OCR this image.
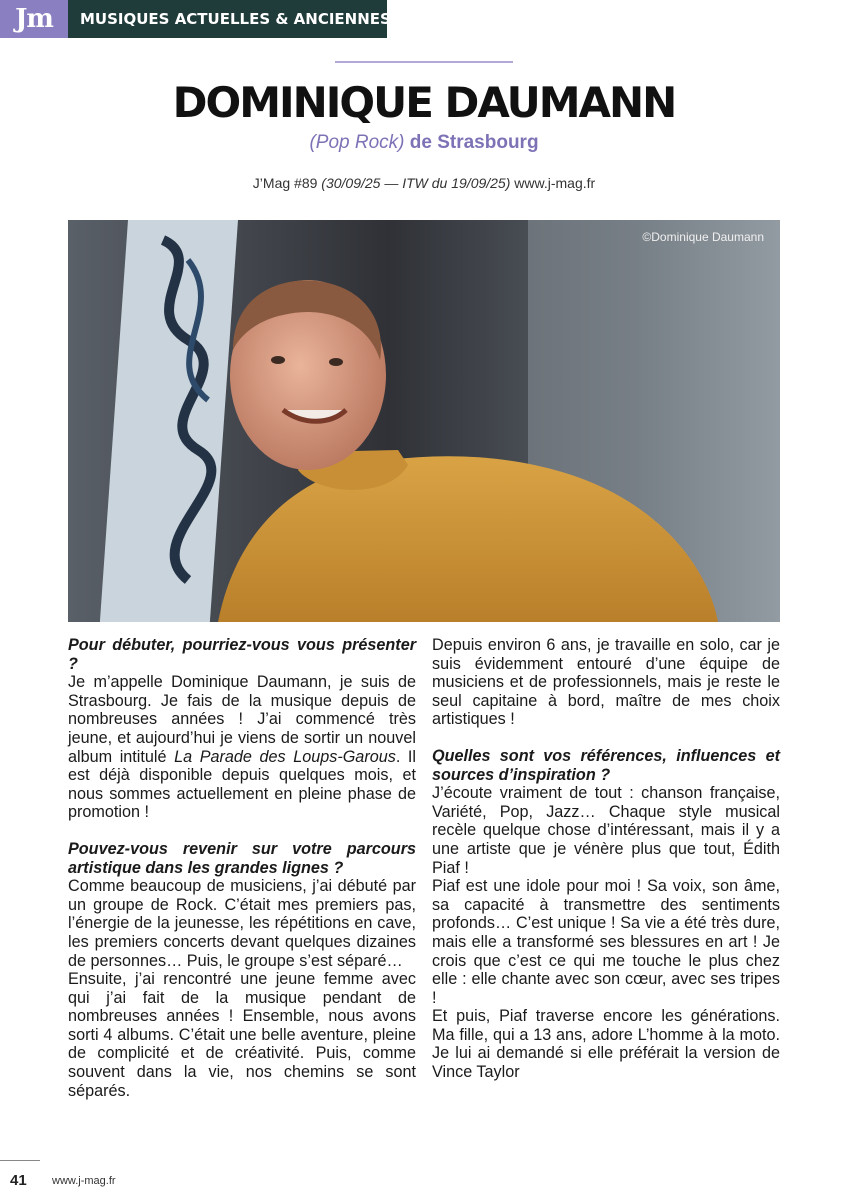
Jm	MUSIQUES ACTUELLES & ANCIENNES
DOMINIQUE DAUMANN
(Pop Rock) de Strasbourg
J’Mag #89 (30/09/25 — ITW du 19/09/25) www.j-mag.fr
©Dominique Daumann

Pour débuter, pourriez-vous vous présenter ?

Je m’appelle Dominique Daumann, je suis de Strasbourg. Je fais de la musique depuis de nombreuses années ! J’ai commencé très jeune, et aujourd’hui je viens de sortir un nouvel album intitulé La Parade des Loups-Garous. Il est déjà disponible depuis quelques mois, et nous sommes actuellement en pleine phase de promotion !

Pouvez-vous revenir sur votre parcours artistique dans les grandes lignes ?

Comme beaucoup de musiciens, j’ai débuté par un groupe de Rock. C’était mes premiers pas, l’énergie de la jeunesse, les répétitions en cave, les premiers concerts devant quelques dizaines de personnes… Puis, le groupe s’est séparé…

Ensuite, j’ai rencontré une jeune femme avec qui j’ai fait de la musique pendant de nombreuses années ! Ensemble, nous avons sorti 4 albums. C’était une belle aventure, pleine de complicité et de créativité. Puis, comme souvent dans la vie, nos chemins se sont séparés.

Depuis environ 6 ans, je travaille en solo, car je suis évidemment entouré d’une équipe de musiciens et de professionnels, mais je reste le seul capitaine à bord, maître de mes choix artistiques !

Quelles sont vos références, influences et sources d’inspiration ?

J’écoute vraiment de tout : chanson française, Variété, Pop, Jazz… Chaque style musical recèle quelque chose d’intéressant, mais il y a une artiste que je vénère plus que tout, Édith Piaf !

Piaf est une idole pour moi ! Sa voix, son âme, sa capacité à transmettre des sentiments profonds… C’est unique ! Sa vie a été très dure, mais elle a transformé ses blessures en art ! Je crois que c’est ce qui me touche le plus chez elle : elle chante avec son cœur, avec ses tripes !

Et puis, Piaf traverse encore les générations. Ma fille, qui a 13 ans, adore L’homme à la moto. Je lui ai demandé si elle préférait la version de Vince Taylor

41 www.j-mag.fr
